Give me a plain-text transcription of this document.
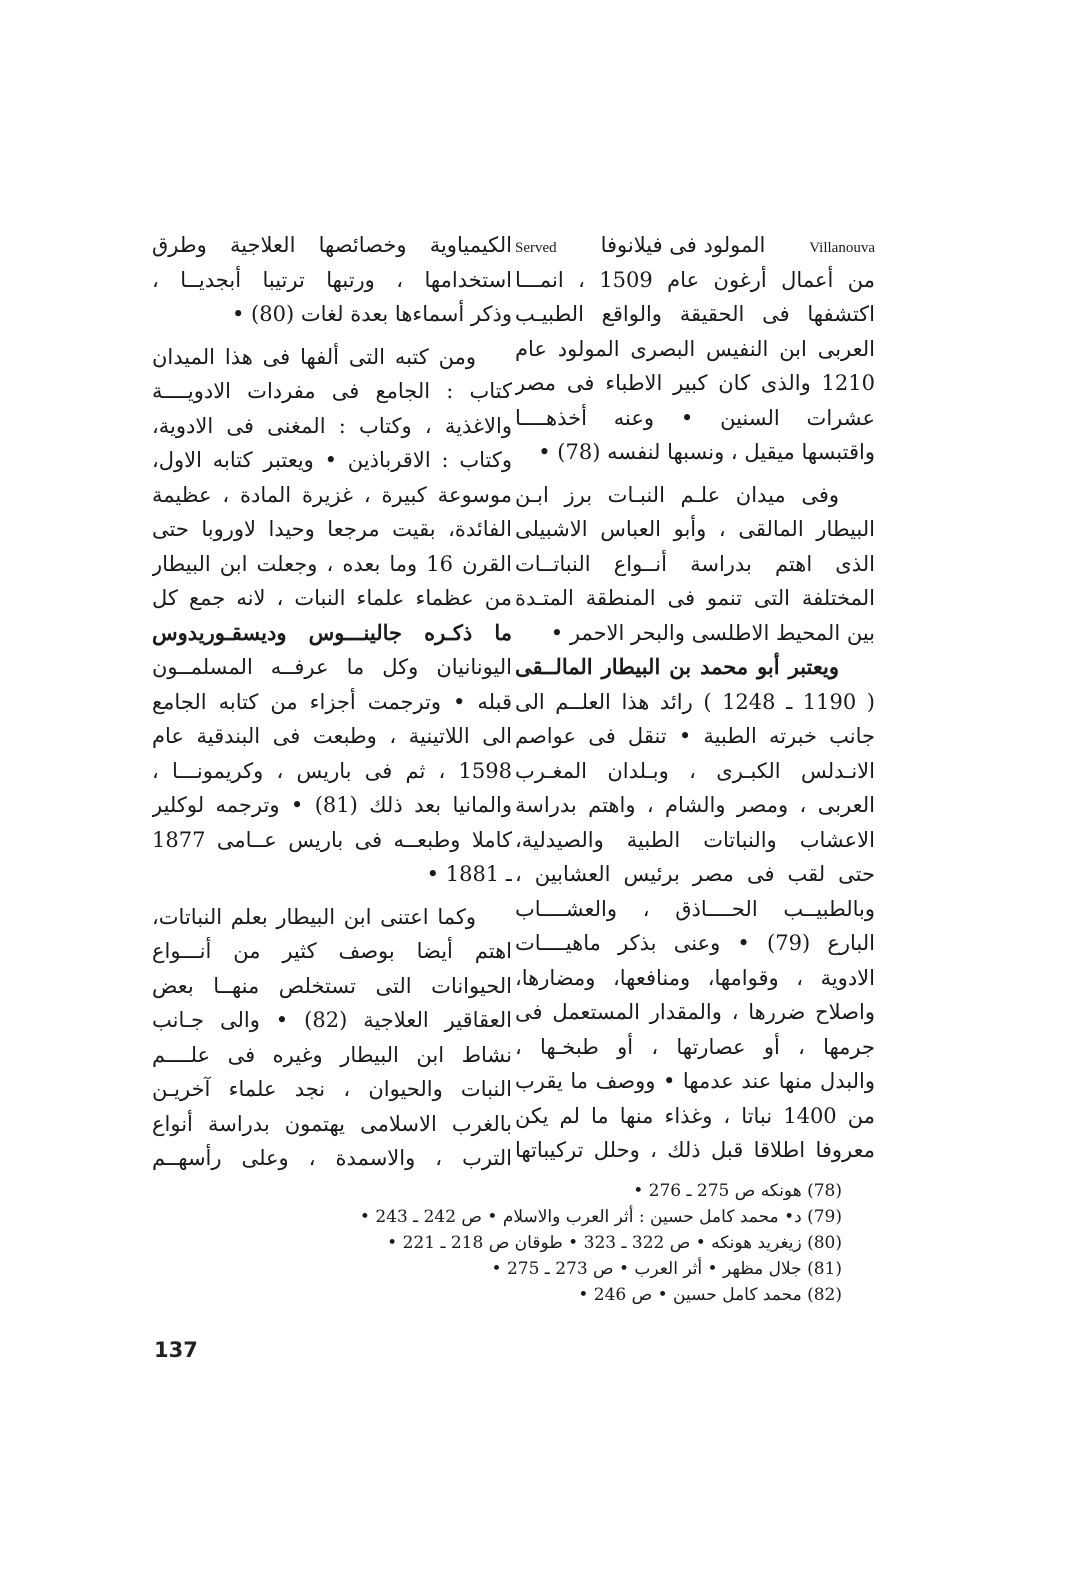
Served المولود فى فيلانوفا	Villanouva
من أعمال أرغون عام 1509 ، انمـــا
اكتشفها فى الحقيقة والواقع الطبيـب
العربى ابن النفيس البصرى المولود عام
1210 والذى كان كبير الاطباء فى مصر
عشرات السنين • وعنه أخذهــــا
واقتبسها ميقيل ، ونسبها لنفسه (78) •
وفى ميدان علـم النبـات برز ابـن
البيطار المالقى ، وأبو العباس الاشبيلى
الذى اهتم بدراسة أنــواع النباتــات
المختلفة التى تنمو فى المنطقة المتـدة
بين المحيط الاطلسى والبحر الاحمر •
ويعتبر أبو محمد بن البيطار المالــقى
( 1190 ـ 1248 ) رائد هذا العلــم الى
جانب خبرته الطبية • تنقل فى عواصم
الانـدلس الكبـرى ، وبـلدان المغـرب
العربى ، ومصر والشام ، واهتم بدراسة
الاعشاب والنباتات الطبية والصيدلية،
حتى لقب فى مصر برئيس العشابين ،
وبالطبيــب الحــــاذق ، والعشــــاب
البارع (79) • وعنى بذكر ماهيــــات
الادوية ، وقوامها، ومنافعها، ومضارها،
واصلاح ضررها ، والمقدار المستعمل فى
جرمها ، أو عصارتها ، أو طبخـها ،
والبدل منها عند عدمها • ووصف ما يقرب
من 1400 نباتا ، وغذاء منها ما لم يكن
معروفا اطلاقا قبل ذلك ، وحلل تركيباتها
الكيمياوية وخصائصها العلاجية وطرق
استخدامها ، ورتبها ترتيبا أبجديــا ،
وذكر أسماءها بعدة لغات (80) •
ومن كتبه التى ألفها فى هذا الميدان
كتاب : الجامع فى مفردات الادويــــة
والاغذية ، وكتاب : المغنى فى الادوية،
وكتاب : الاقرباذين • ويعتبر كتابه الاول،
موسوعة كبيرة ، غزيرة المادة ، عظيمة
الفائدة، بقيت مرجعا وحيدا لاوروبا حتى
القرن 16 وما بعده ، وجعلت ابن البيطار
من عظماء علماء النبات ، لانه جمع كل
ما ذكـره جالينـــوس وديسقـوريدوس
اليونانيان وكل ما عرفــه المسلمــون
قبله • وترجمت أجزاء من كتابه الجامع
الى اللاتينية ، وطبعت فى البندقية عام
1598 ، ثم فى باريس ، وكريمونـــا ،
والمانيا بعد ذلك (81) • وترجمه لوكلير
كاملا وطبعــه فى باريس عــامى 1877
ـ 1881 •
وكما اعتنى ابن البيطار بعلم النباتات،
اهتم أيضا بوصف كثير من أنـــواع
الحيوانات التى تستخلص منهــا بعض
العقاقير العلاجية (82) • والى جـانب
نشاط ابن البيطار وغيره فى علــــم
النبات والحيوان ، نجد علماء آخريـن
بالغرب الاسلامى يهتمون بدراسة أنواع
الترب ، والاسمدة ، وعلى رأسهــم
(78) هونكه ص 275 ـ 276 •
(79) د• محمد كامل حسين : أثر العرب والاسلام • ص 242 ـ 243 •
(80) زيغريد هونكه • ص 322 ـ 323 • طوقان ص 218 ـ 221 •
(81) جلال مظهر • أثر العرب • ص 273 ـ 275 •
(82) محمد كامل حسين • ص 246 •
137
